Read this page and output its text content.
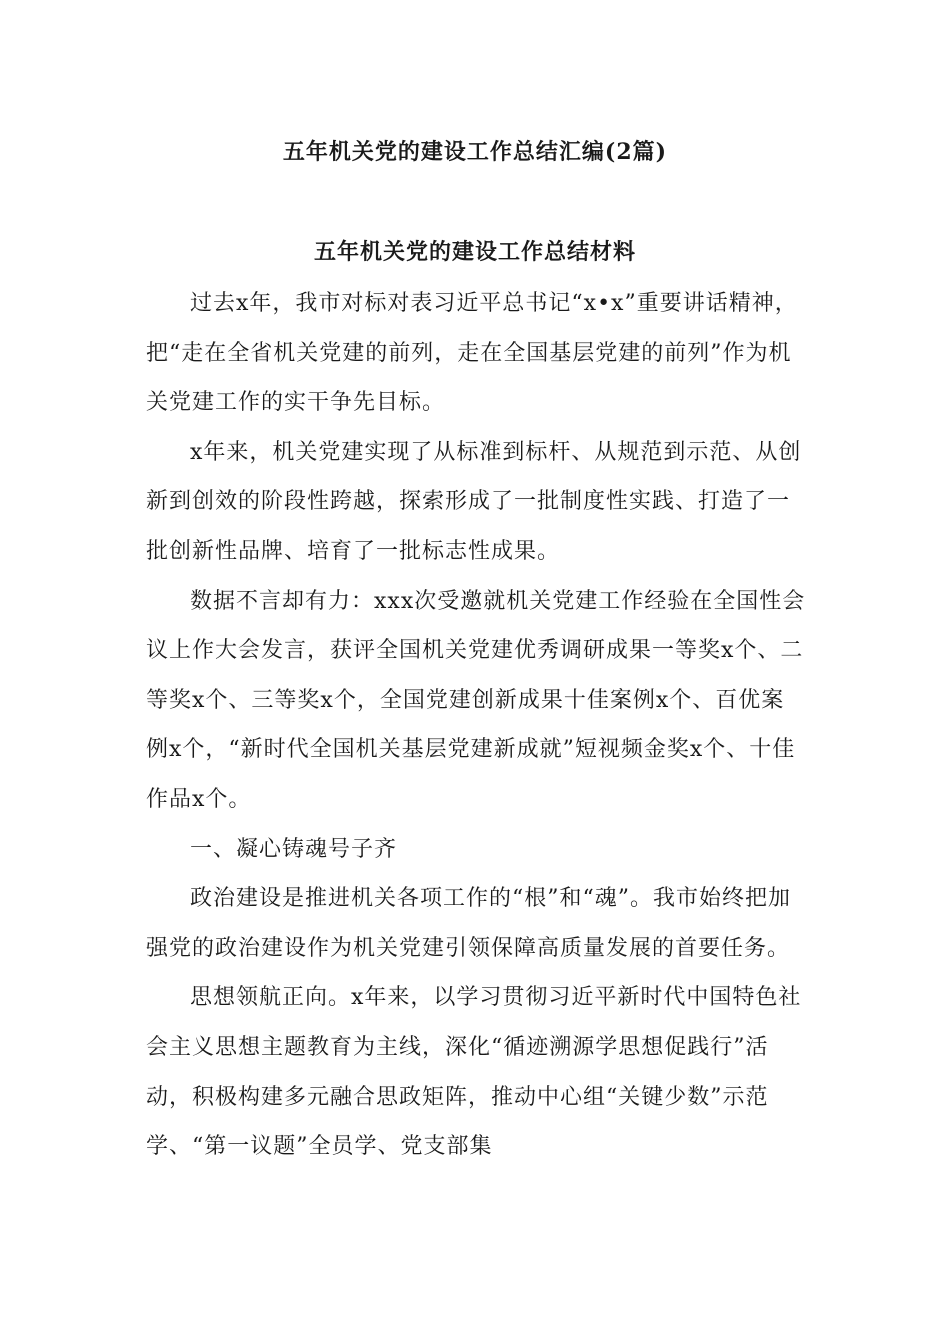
五年机关党的建设工作总结汇编(2篇)
五年机关党的建设工作总结材料

过去x年，我市对标对表习近平总书记“x•x”重要讲话精神，把“走在全省机关党建的前列，走在全国基层党建的前列”作为机关党建工作的实干争先目标。

x年来，机关党建实现了从标准到标杆、从规范到示范、从创新到创效的阶段性跨越，探索形成了一批制度性实践、打造了一批创新性品牌、培育了一批标志性成果。

数据不言却有力：xxx次受邀就机关党建工作经验在全国性会议上作大会发言，获评全国机关党建优秀调研成果一等奖x个、二等奖x个、三等奖x个，全国党建创新成果十佳案例x个、百优案例x个，“新时代全国机关基层党建新成就”短视频金奖x个、十佳作品x个。

一、凝心铸魂号子齐

政治建设是推进机关各项工作的“根”和“魂”。我市始终把加强党的政治建设作为机关党建引领保障高质量发展的首要任务。

思想领航正向。x年来，以学习贯彻习近平新时代中国特色社会主义思想主题教育为主线，深化“循迹溯源学思想促践行”活动，积极构建多元融合思政矩阵，推动中心组“关键少数”示范学、“第一议题”全员学、党支部集
